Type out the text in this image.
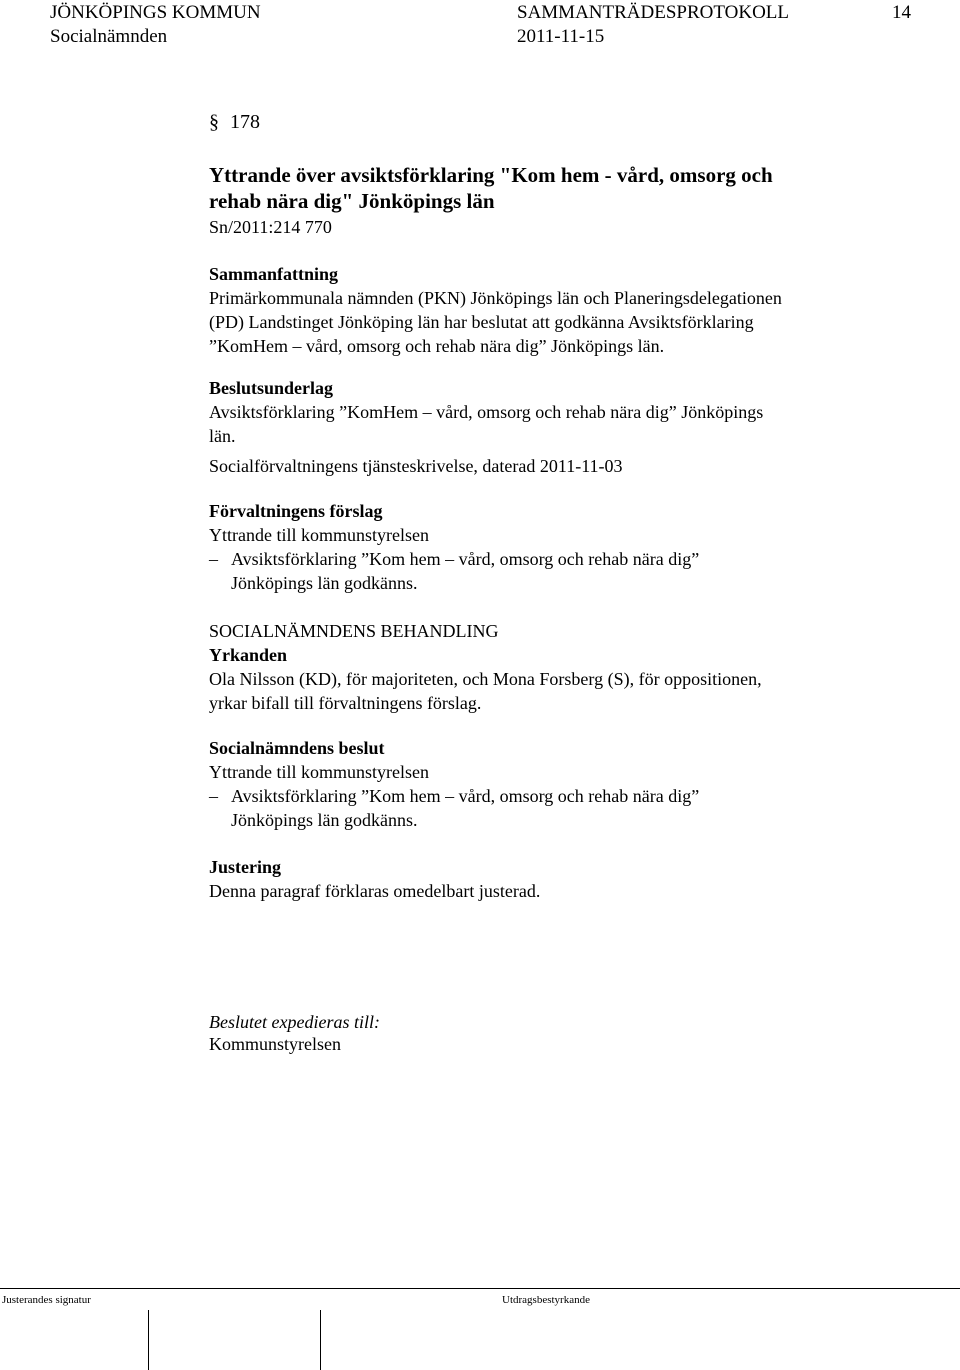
JÖNKÖPINGS KOMMUN
Socialnämnden
SAMMANTRÄDESPROTOKOLL
2011-11-15
14
§ 178
Yttrande över avsiktsförklaring "Kom hem - vård, omsorg och
rehab nära dig" Jönköpings län
Sn/2011:214 770
Sammanfattning
Primärkommunala nämnden (PKN) Jönköpings län och Planeringsdelegationen
(PD) Landstinget Jönköping län har beslutat att godkänna Avsiktsförklaring
”KomHem – vård, omsorg och rehab nära dig” Jönköpings län.
Beslutsunderlag
Avsiktsförklaring ”KomHem – vård, omsorg och rehab nära dig” Jönköpings
län.
Socialförvaltningens tjänsteskrivelse, daterad 2011-11-03
Förvaltningens förslag
Yttrande till kommunstyrelsen
– Avsiktsförklaring ”Kom hem – vård, omsorg och rehab nära dig”
Jönköpings län godkänns.
SOCIALNÄMNDENS BEHANDLING
Yrkanden
Ola Nilsson (KD), för majoriteten, och Mona Forsberg (S), för oppositionen,
yrkar bifall till förvaltningens förslag.
Socialnämndens beslut
Yttrande till kommunstyrelsen
– Avsiktsförklaring ”Kom hem – vård, omsorg och rehab nära dig”
Jönköpings län godkänns.
Justering
Denna paragraf förklaras omedelbart justerad.
Beslutet expedieras till:
Kommunstyrelsen
Justerandes signatur	Utdragsbestyrkande
